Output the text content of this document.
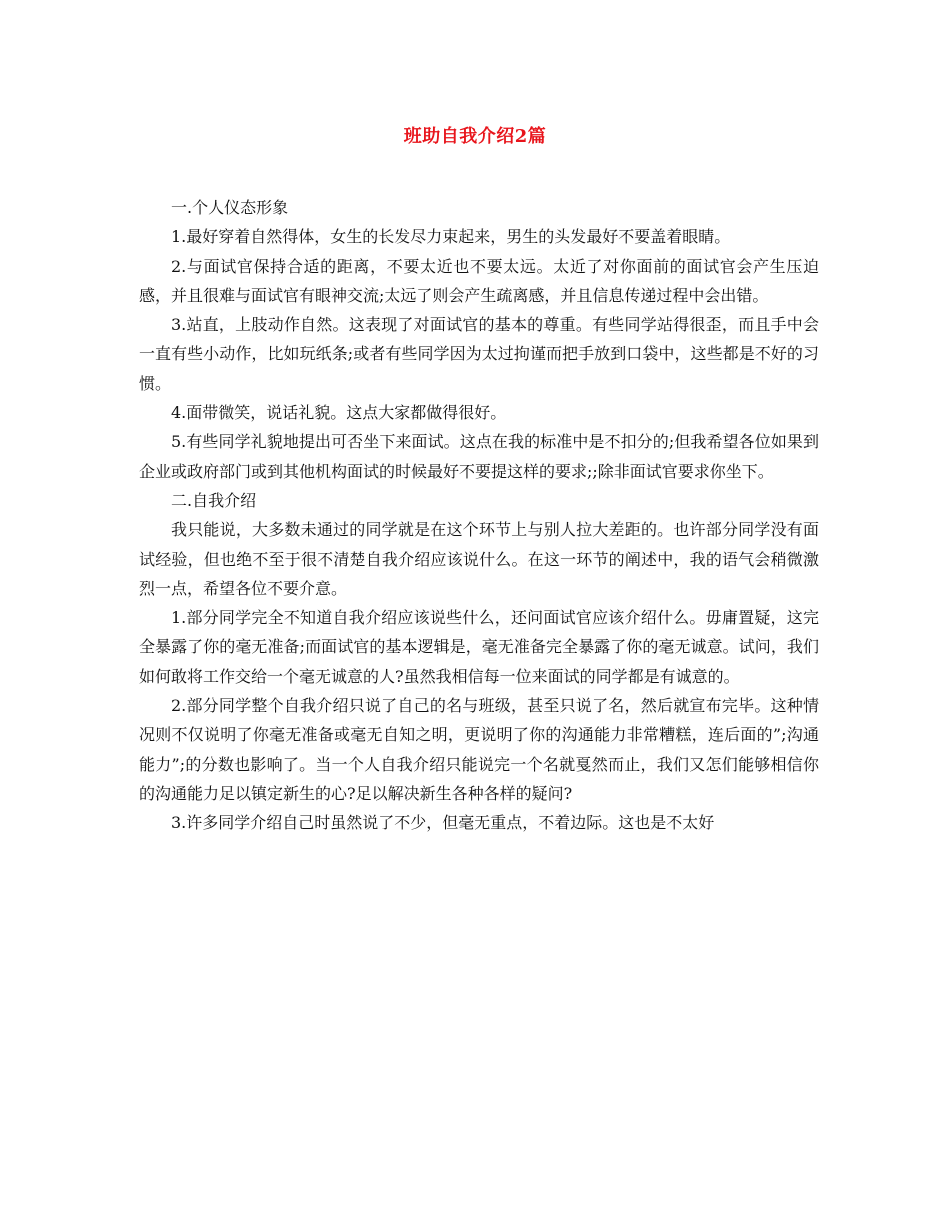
班助自我介绍2篇

一.个人仪态形象

1.最好穿着自然得体，女生的长发尽力束起来，男生的头发最好不要盖着眼睛。

2.与面试官保持合适的距离，不要太近也不要太远。太近了对你面前的面试官会产生压迫感，并且很难与面试官有眼神交流;太远了则会产生疏离感，并且信息传递过程中会出错。

3.站直，上肢动作自然。这表现了对面试官的基本的尊重。有些同学站得很歪，而且手中会一直有些小动作，比如玩纸条;或者有些同学因为太过拘谨而把手放到口袋中，这些都是不好的习惯。

4.面带微笑，说话礼貌。这点大家都做得很好。

5.有些同学礼貌地提出可否坐下来面试。这点在我的标准中是不扣分的;但我希望各位如果到企业或政府部门或到其他机构面试的时候最好不要提这样的要求;;除非面试官要求你坐下。

二.自我介绍

我只能说，大多数未通过的同学就是在这个环节上与别人拉大差距的。也许部分同学没有面试经验，但也绝不至于很不清楚自我介绍应该说什么。在这一环节的阐述中，我的语气会稍微激烈一点，希望各位不要介意。

1.部分同学完全不知道自我介绍应该说些什么，还问面试官应该介绍什么。毋庸置疑，这完全暴露了你的毫无准备;而面试官的基本逻辑是，毫无准备完全暴露了你的毫无诚意。试问，我们如何敢将工作交给一个毫无诚意的人?虽然我相信每一位来面试的同学都是有诚意的。

2.部分同学整个自我介绍只说了自己的名与班级，甚至只说了名，然后就宣布完毕。这种情况则不仅说明了你毫无准备或毫无自知之明，更说明了你的沟通能力非常糟糕，连后面的”;沟通能力”;的分数也影响了。当一个人自我介绍只能说完一个名就戛然而止，我们又怎们能够相信你的沟通能力足以镇定新生的心?足以解决新生各种各样的疑问?

3.许多同学介绍自己时虽然说了不少，但毫无重点，不着边际。这也是不太好
